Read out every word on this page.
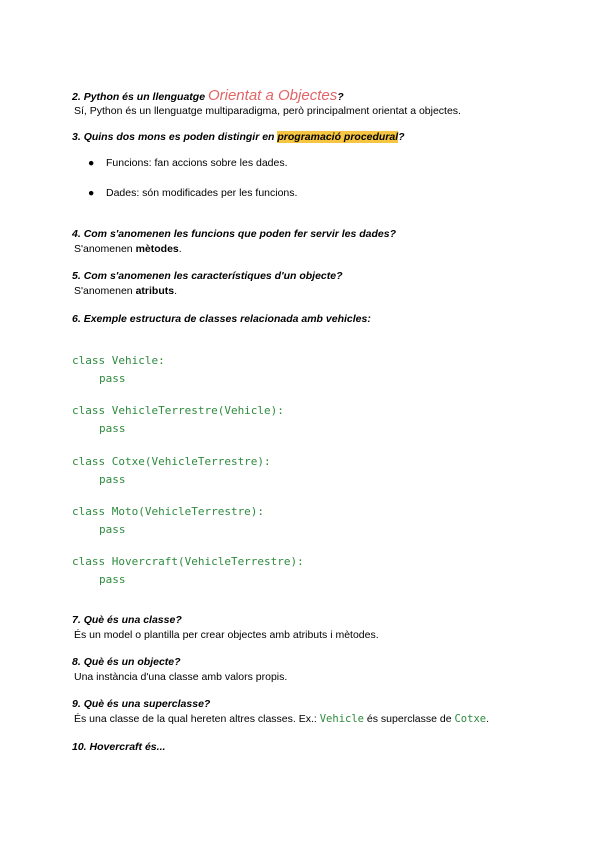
2. Python és un llenguatge Orientat a Objectes?
Sí, Python és un llenguatge multiparadigma, però principalment orientat a objectes.
3. Quins dos mons es poden distingir en programació procedural?
● Funcions: fan accions sobre les dades.
● Dades: són modificades per les funcions.
4. Com s'anomenen les funcions que poden fer servir les dades?
S'anomenen mètodes.
5. Com s'anomenen les característiques d'un objecte?
S'anomenen atributs.
6. Exemple estructura de classes relacionada amb vehicles:
class Vehicle:
pass
class VehicleTerrestre(Vehicle):
pass
class Cotxe(VehicleTerrestre):
pass
class Moto(VehicleTerrestre):
pass
class Hovercraft(VehicleTerrestre):
pass
7. Què és una classe?
És un model o plantilla per crear objectes amb atributs i mètodes.
8. Què és un objecte?
Una instància d'una classe amb valors propis.
9. Què és una superclasse?
És una classe de la qual hereten altres classes. Ex.: Vehicle és superclasse de Cotxe.
10. Hovercraft és...
